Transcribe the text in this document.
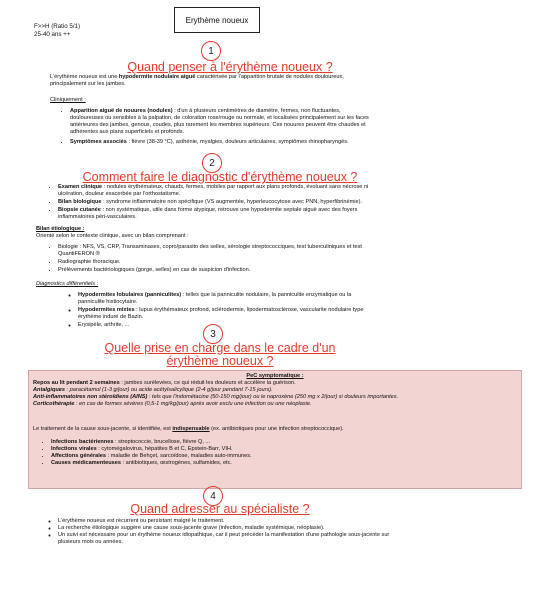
Erythème noueux
F>>H (Ratio 5/1)
25-40 ans ++
1
Quand penser à l'érythème noueux ?
L'érythème noueux est une hypodermite nodulaire aiguë caractérisée par l'apparition brutale de nodules douloureux, principalement sur les jambes.
Cliniquement :
• Apparition aiguë de nouures (nodules) : d'un à plusieurs centimètres de diamètre, fermes, non fluctuantes, douloureuses ou sensibles à la palpation, de coloration rose/rouge ou normale, et localisées principalement sur les faces antérieures des jambes, genoux, coudes, plus rarement les membres supérieurs. Ces nouures peuvent être chaudes et adhérentes aux plans superficiels et profonds.
• Symptômes associés : fièvre (38-39 °C), asthénie, myalgies, douleurs articulaires, symptômes rhinopharyngés.
2
Comment faire le diagnostic d'érythème noueux ?
• Examen clinique : nodules érythémateux, chauds, fermes, mobiles par rapport aux plans profonds, évoluant sans nécrose ni ulcération, douleur exacerbée par l'orthostatisme.
• Bilan biologique : syndrome inflammatoire non spécifique (VS augmentée, hyperleucocytose avec PNN, hyperfibrinémie).
• Biopsie cutanée : non systématique, utile dans forme atypique, retrouve une hypodermite septale aiguë avec des foyers inflammatoires péri-vasculaires.
Bilan étiologique :
Orienté selon le contexte clinique, avec un bilan comprenant :
• Biologie : NFS, VS, CRP, Transaminases, copro/parasito des selles, sérologie streptococciques, test tuberculiniques et test QuantiFERON ®
• Radiographie thoracique.
• Prélèvements bactériologiques (gorge, selles) en cas de suspicion d'infection.
Diagnostics différentiels :
◦ Hypodermites lobulaires (panniculites) : telles que la panniculite nodulaire, la panniculite enzymatique ou la panniculite histiocytaire.
◦ Hypodermites mixtes : lupus érythémateux profond, sclérodermie, lipodermatosclérose, vascularite nodulaire type érythème induré de Bazin.
◦ Erysipèle, arthrite, ...
3
Quelle prise en charge dans le cadre d'un
érythème noueux ?
PeC symptomatique :
Repos au lit pendant 2 semaines : jambes surélevées, ce qui réduit les douleurs et accélère la guérison.
Antalgiques : paracétamol (1-3 g/jour) ou acide acétylsalicylique (2-4 g/jour pendant 7-15 jours).
Anti-inflammatoires non stéroïdiens (AINS) : tels que l'indométacine (50-150 mg/jour) ou le naproxène (250 mg x 2/jour) si douleurs importantes.
Corticothérapie : en cas de formes sévères (0,5-1 mg/kg/jour) après avoir exclu une infection ou une néoplasie.
Le traitement de la cause sous-jacente, si identifiée, est indispensable (ex. antibiotiques pour une infection streptococcique).
• Infections bactériennes : streptococcie, brucellose, fièvre Q, ...
• Infections virales : cytomégalovirus, hépatites B et C, Epstein-Barr, VIH.
• Affections générales : maladie de Behçet, sarcoïdose, maladies auto-immunes.
• Causes médicamenteuses : antibiotiques, œstrogènes, sulfamides, etc.
4
Quand adresser au spécialiste ?
◦ L'érythème noueux est récurrent ou persistant malgré le traitement.
◦ La recherche étiologique suggère une cause sous-jacente grave (infection, maladie systémique, néoplasie).
◦ Un suivi est nécessaire pour un érythème noueux idiopathique, car il peut précéder la manifestation d'une pathologie sous-jacente sur plusieurs mois ou années.
